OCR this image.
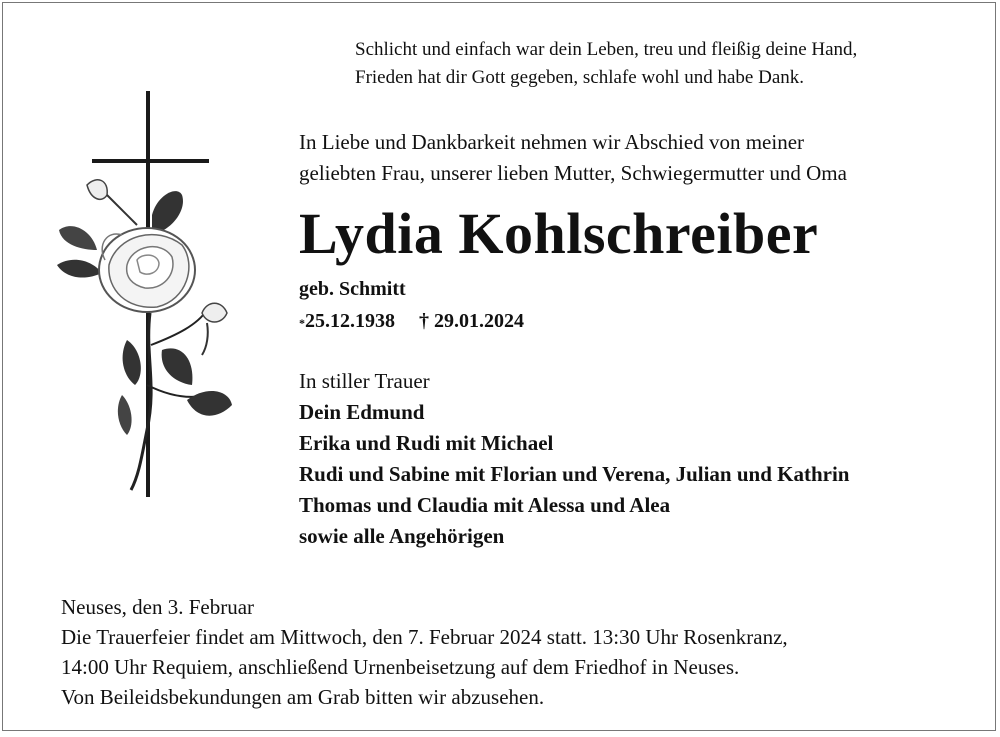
Schlicht und einfach war dein Leben, treu und fleißig deine Hand,
Frieden hat dir Gott gegeben, schlafe wohl und habe Dank.
In Liebe und Dankbarkeit nehmen wir Abschied von meiner
geliebten Frau, unserer lieben Mutter, Schwiegermutter und Oma
Lydia Kohlschreiber
geb. Schmitt
*25.12.1938 † 29.01.2024
In stiller Trauer
Dein Edmund
Erika und Rudi mit Michael
Rudi und Sabine mit Florian und Verena, Julian und Kathrin
Thomas und Claudia mit Alessa und Alea
sowie alle Angehörigen
Neuses, den 3. Februar
Die Trauerfeier findet am Mittwoch, den 7. Februar 2024 statt. 13:30 Uhr Rosenkranz,
14:00 Uhr Requiem, anschließend Urnenbeisetzung auf dem Friedhof in Neuses.
Von Beileidsbekundungen am Grab bitten wir abzusehen.
